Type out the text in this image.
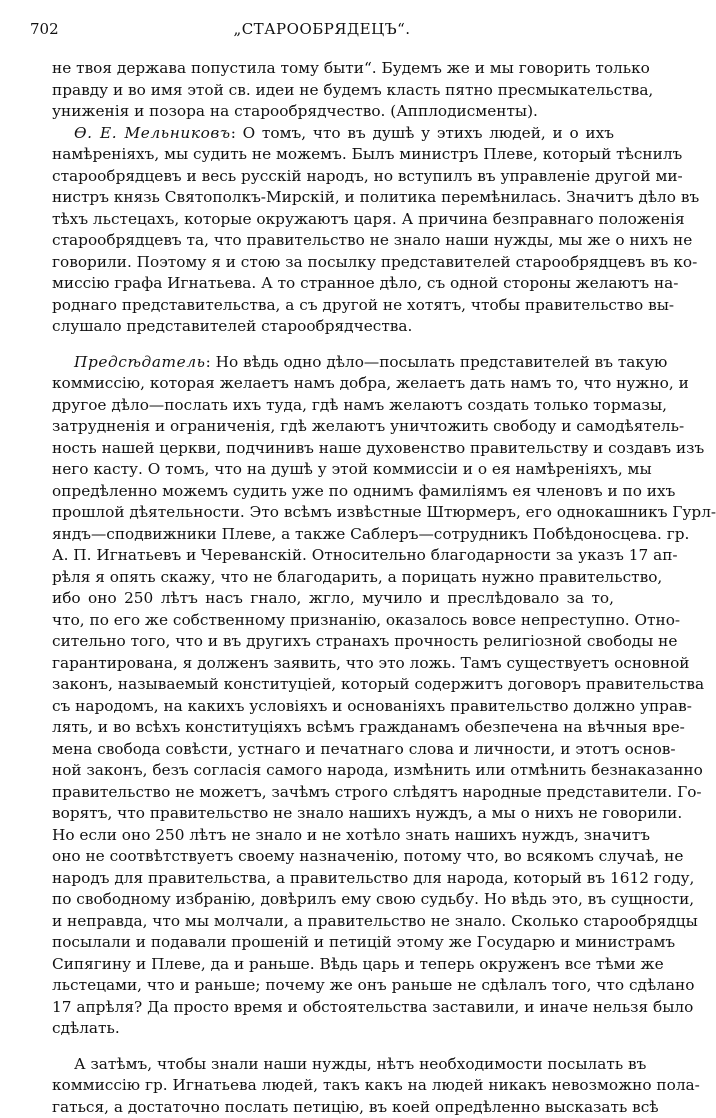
702	„СТАРООБРЯДЕЦЪ“.
не твоя держава попустила тому быти“. Будемъ же и мы говорить только
правду и во имя этой св. идеи не будемъ класть пятно пресмыкательства,
униженія и позора на старообрядчество. (Апплодисменты).
Ѳ. Е. Мельниковъ: О томъ, что въ душѣ у этихъ людей, и о ихъ
намѣреніяхъ, мы судить не можемъ. Былъ министръ Плеве, который тѣснилъ
старообрядцевъ и весь русскій народъ, но вступилъ въ управленіе другой ми-
нистръ князь Святополкъ-Мирскій, и политика перемѣнилась. Значитъ дѣло въ
тѣхъ льстецахъ, которые окружаютъ царя. А причина безправнаго положенія
старообрядцевъ та, что правительство не знало наши нужды, мы же о нихъ не
говорили. Поэтому я и стою за посылку представителей старообрядцевъ въ ко-
миссію графа Игнатьева. А то странное дѣло, съ одной стороны желаютъ на-
роднаго представительства, а съ другой не хотятъ, чтобы правительство вы-
слушало представителей старообрядчества.
Предсѣдатель: Но вѣдь одно дѣло—посылать представителей въ такую
коммиссію, которая желаетъ намъ добра, желаетъ дать намъ то, что нужно, и
другое дѣло—послать ихъ туда, гдѣ намъ желаютъ создать только тормазы,
затрудненія и ограниченія, гдѣ желаютъ уничтожить свободу и самодѣятель-
ность нашей церкви, подчинивъ наше духовенство правительству и создавъ изъ
него касту. О томъ, что на душѣ у этой коммиссіи и о ея намѣреніяхъ, мы
опредѣленно можемъ судить уже по однимъ фамиліямъ ея членовъ и по ихъ
прошлой дѣятельности. Это всѣмъ извѣстные Штюрмеръ, его однокашникъ Гурл-
яндъ—сподвижники Плеве, а также Саблеръ—сотрудникъ Побѣдоносцева. гр.
А. П. Игнатьевъ и Череванскій. Относительно благодарности за указъ 17 ап-
рѣля я опять скажу, что не благодарить, а порицать нужно правительство,
ибо оно 250 лѣтъ насъ гнало, жгло, мучило и преслѣдовало за то,
что, по его же собственному признанію, оказалось вовсе непреступно. Отно-
сительно того, что и въ другихъ странахъ прочность религіозной свободы не
гарантирована, я долженъ заявить, что это ложь. Тамъ существуетъ основной
законъ, называемый конституціей, который содержитъ договоръ правительства
съ народомъ, на какихъ условіяхъ и основаніяхъ правительство должно управ-
лять, и во всѣхъ конституціяхъ всѣмъ гражданамъ обезпечена на вѣчныя вре-
мена свобода совѣсти, устнаго и печатнаго слова и личности, и этотъ основ-
ной законъ, безъ согласія самого народа, измѣнить или отмѣнить безнаказанно
правительство не можетъ, зачѣмъ строго слѣдятъ народные представители. Го-
ворятъ, что правительство не знало нашихъ нуждъ, а мы о нихъ не говорили.
Но если оно 250 лѣтъ не знало и не хотѣло знать нашихъ нуждъ, значитъ
оно не соотвѣтствуетъ своему назначенію, потому что, во всякомъ случаѣ, не
народъ для правительства, а правительство для народа, который въ 1612 году,
по свободному избранію, довѣрилъ ему свою судьбу. Но вѣдь это, въ сущности,
и неправда, что мы молчали, а правительство не знало. Сколько старообрядцы
посылали и подавали прошеній и петицій этому же Государю и министрамъ
Сипягину и Плеве, да и раньше. Вѣдь царь и теперь окруженъ все тѣми же
льстецами, что и раньше; почему же онъ раньше не сдѣлалъ того, что сдѣлано
17 апрѣля? Да просто время и обстоятельства заставили, и иначе нельзя было
сдѣлать.
А затѣмъ, чтобы знали наши нужды, нѣтъ необходимости посылать въ
коммиссію гр. Игнатьева людей, такъ какъ на людей никакъ невозможно пола-
гаться, а достаточно послать петицію, въ коей опредѣленно высказать всѣ
